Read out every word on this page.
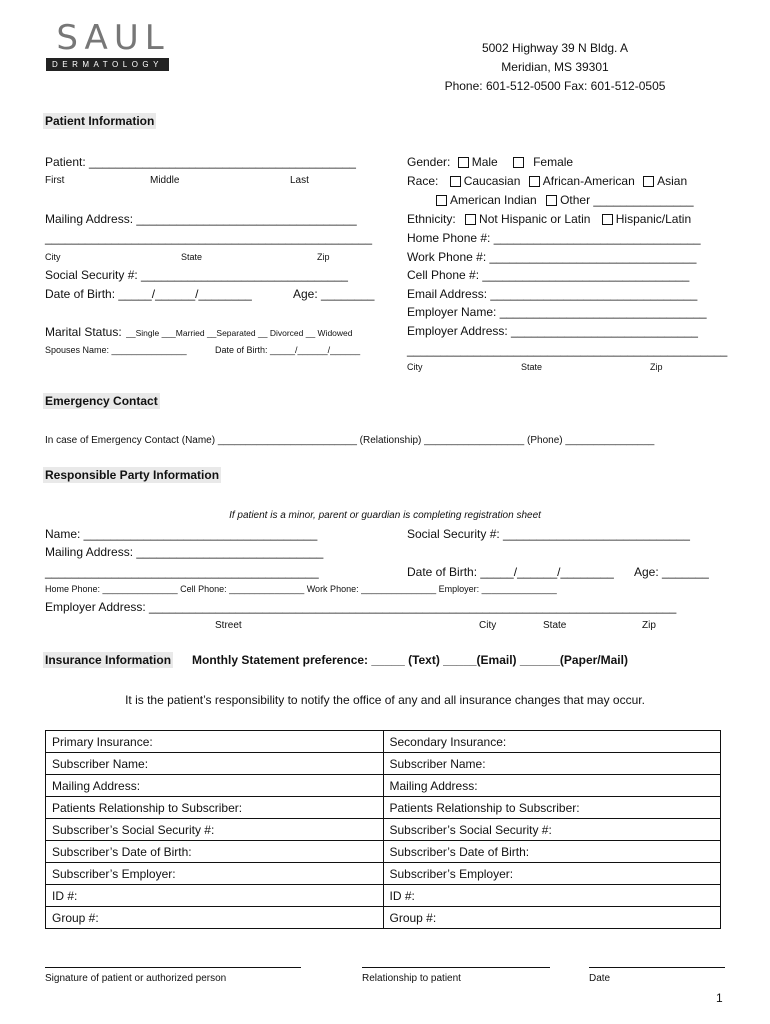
SAUL
DERMATOLOGY
5002 Highway 39 N Bldg. A
Meridian, MS 39301
Phone: 601-512-0500 Fax: 601-512-0505
Patient Information
Patient: ________________________________________
First	Middle	Last
Mailing Address: _________________________________
_________________________________________________
City	State	Zip
Social Security #: _______________________________
Date of Birth: _____/______/________	Age: ________
Marital Status: __Single ___Married __Separated __ Divorced __ Widowed
Spouses Name: _______________	Date of Birth: _____/______/______
Gender: Male	Female
Race: Caucasian African-American Asian
American Indian Other _______________
Ethnicity: Not Hispanic or Latin Hispanic/Latin
Home Phone #: _______________________________
Work Phone #: _______________________________
Cell Phone #: _______________________________
Email Address: _______________________________
Employer Name: _______________________________
Employer Address: ____________________________
________________________________________________
City	State	Zip
Emergency Contact
In case of Emergency Contact (Name) _________________________ (Relationship) __________________ (Phone) ________________
Responsible Party Information
If patient is a minor, parent or guardian is completing registration sheet
Name: ___________________________________	Social Security #: ____________________________
Mailing Address: ____________________________
_________________________________________	Date of Birth: _____/______/________ Age: _______
Home Phone: _______________ Cell Phone: _______________ Work Phone: _______________ Employer: _______________
Employer Address: _______________________________________________________________________________
Street	City	State	Zip
Insurance Information Monthly Statement preference: _____ (Text) _____(Email) ______(Paper/Mail)
It is the patient’s responsibility to notify the office of any and all insurance changes that may occur.
Primary Insurance:	Secondary Insurance:
Subscriber Name:	Subscriber Name:
Mailing Address:	Mailing Address:
Patients Relationship to Subscriber:	Patients Relationship to Subscriber:
Subscriber’s Social Security #:	Subscriber’s Social Security #:
Subscriber’s Date of Birth:	Subscriber’s Date of Birth:
Subscriber’s Employer:	Subscriber’s Employer:
ID #:	ID #:
Group #:	Group #:
Signature of patient or authorized person	Relationship to patient	Date
1
